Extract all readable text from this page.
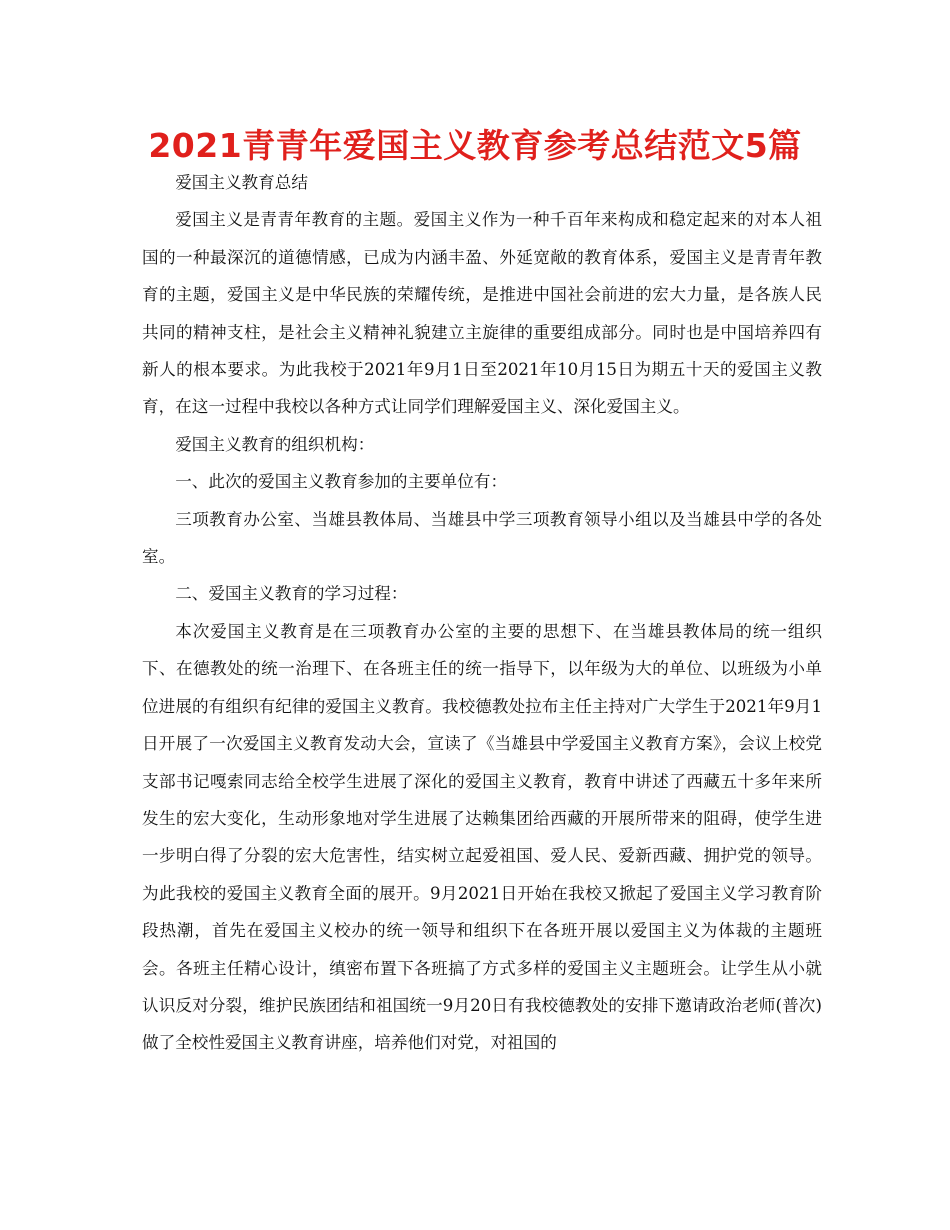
2021青青年爱国主义教育参考总结范文5篇

爱国主义教育总结

爱国主义是青青年教育的主题。爱国主义作为一种千百年来构成和稳定起来的对本人祖国的一种最深沉的道德情感，已成为内涵丰盈、外延宽敞的教育体系，爱国主义是青青年教育的主题，爱国主义是中华民族的荣耀传统，是推进中国社会前进的宏大力量，是各族人民共同的精神支柱，是社会主义精神礼貌建立主旋律的重要组成部分。同时也是中国培养四有新人的根本要求。为此我校于2021年9月1日至2021年10月15日为期五十天的爱国主义教育，在这一过程中我校以各种方式让同学们理解爱国主义、深化爱国主义。

爱国主义教育的组织机构：

一、此次的爱国主义教育参加的主要单位有：

三项教育办公室、当雄县教体局、当雄县中学三项教育领导小组以及当雄县中学的各处室。

二、爱国主义教育的学习过程：

本次爱国主义教育是在三项教育办公室的主要的思想下、在当雄县教体局的统一组织下、在德教处的统一治理下、在各班主任的统一指导下，以年级为大的单位、以班级为小单位进展的有组织有纪律的爱国主义教育。我校德教处拉布主任主持对广大学生于2021年9月1日开展了一次爱国主义教育发动大会，宣读了《当雄县中学爱国主义教育方案》，会议上校党支部书记嘎索同志给全校学生进展了深化的爱国主义教育，教育中讲述了西藏五十多年来所发生的宏大变化，生动形象地对学生进展了达赖集团给西藏的开展所带来的阻碍，使学生进一步明白得了分裂的宏大危害性，结实树立起爱祖国、爱人民、爱新西藏、拥护党的领导。为此我校的爱国主义教育全面的展开。9月2021日开始在我校又掀起了爱国主义学习教育阶段热潮，首先在爱国主义校办的统一领导和组织下在各班开展以爱国主义为体裁的主题班会。各班主任精心设计，缜密布置下各班搞了方式多样的爱国主义主题班会。让学生从小就认识反对分裂，维护民族团结和祖国统一9月20日有我校德教处的安排下邀请政治老师(普次)做了全校性爱国主义教育讲座，培养他们对党，对祖国的
